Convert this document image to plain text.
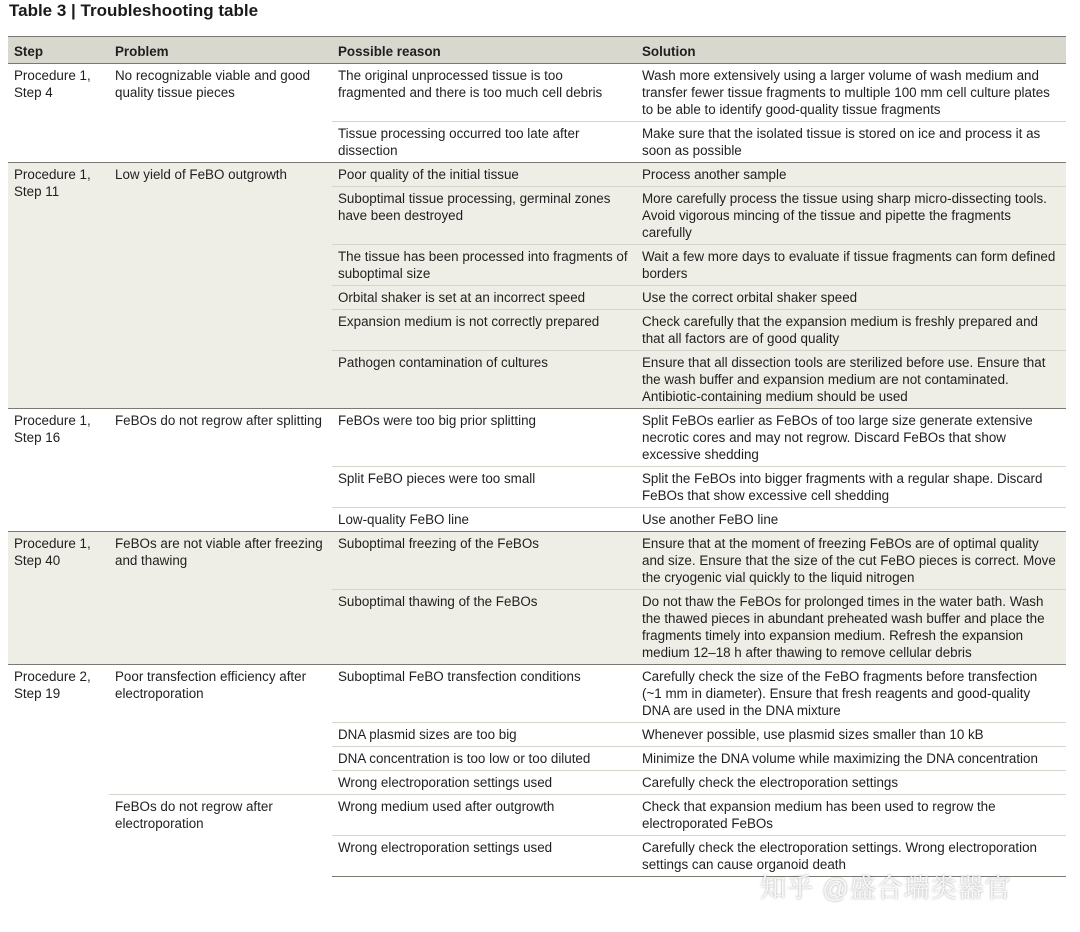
Table 3 | Troubleshooting table
Step	Problem	Possible reason	Solution
Procedure 1, Step 4	No recognizable viable and good quality tissue pieces	The original unprocessed tissue is too fragmented and there is too much cell debris	Wash more extensively using a larger volume of wash medium and transfer fewer tissue fragments to multiple 100 mm cell culture plates to be able to identify good-quality tissue fragments
		Tissue processing occurred too late after dissection	Make sure that the isolated tissue is stored on ice and process it as soon as possible
Procedure 1, Step 11	Low yield of FeBO outgrowth	Poor quality of the initial tissue	Process another sample
		Suboptimal tissue processing, germinal zones have been destroyed	More carefully process the tissue using sharp micro-dissecting tools. Avoid vigorous mincing of the tissue and pipette the fragments carefully
		The tissue has been processed into fragments of suboptimal size	Wait a few more days to evaluate if tissue fragments can form defined borders
		Orbital shaker is set at an incorrect speed	Use the correct orbital shaker speed
		Expansion medium is not correctly prepared	Check carefully that the expansion medium is freshly prepared and that all factors are of good quality
		Pathogen contamination of cultures	Ensure that all dissection tools are sterilized before use. Ensure that the wash buffer and expansion medium are not contaminated. Antibiotic-containing medium should be used
Procedure 1, Step 16	FeBOs do not regrow after splitting	FeBOs were too big prior splitting	Split FeBOs earlier as FeBOs of too large size generate extensive necrotic cores and may not regrow. Discard FeBOs that show excessive shedding
		Split FeBO pieces were too small	Split the FeBOs into bigger fragments with a regular shape. Discard FeBOs that show excessive cell shedding
		Low-quality FeBO line	Use another FeBO line
Procedure 1, Step 40	FeBOs are not viable after freezing and thawing	Suboptimal freezing of the FeBOs	Ensure that at the moment of freezing FeBOs are of optimal quality and size. Ensure that the size of the cut FeBO pieces is correct. Move the cryogenic vial quickly to the liquid nitrogen
		Suboptimal thawing of the FeBOs	Do not thaw the FeBOs for prolonged times in the water bath. Wash the thawed pieces in abundant preheated wash buffer and place the fragments timely into expansion medium. Refresh the expansion medium 12–18 h after thawing to remove cellular debris
Procedure 2, Step 19	Poor transfection efficiency after electroporation	Suboptimal FeBO transfection conditions	Carefully check the size of the FeBO fragments before transfection (~1 mm in diameter). Ensure that fresh reagents and good-quality DNA are used in the DNA mixture
		DNA plasmid sizes are too big	Whenever possible, use plasmid sizes smaller than 10 kB
		DNA concentration is too low or too diluted	Minimize the DNA volume while maximizing the DNA concentration
		Wrong electroporation settings used	Carefully check the electroporation settings
	FeBOs do not regrow after electroporation	Wrong medium used after outgrowth	Check that expansion medium has been used to regrow the electroporated FeBOs
		Wrong electroporation settings used	Carefully check the electroporation settings. Wrong electroporation settings can cause organoid death
知乎 @盛合瑞类器官
